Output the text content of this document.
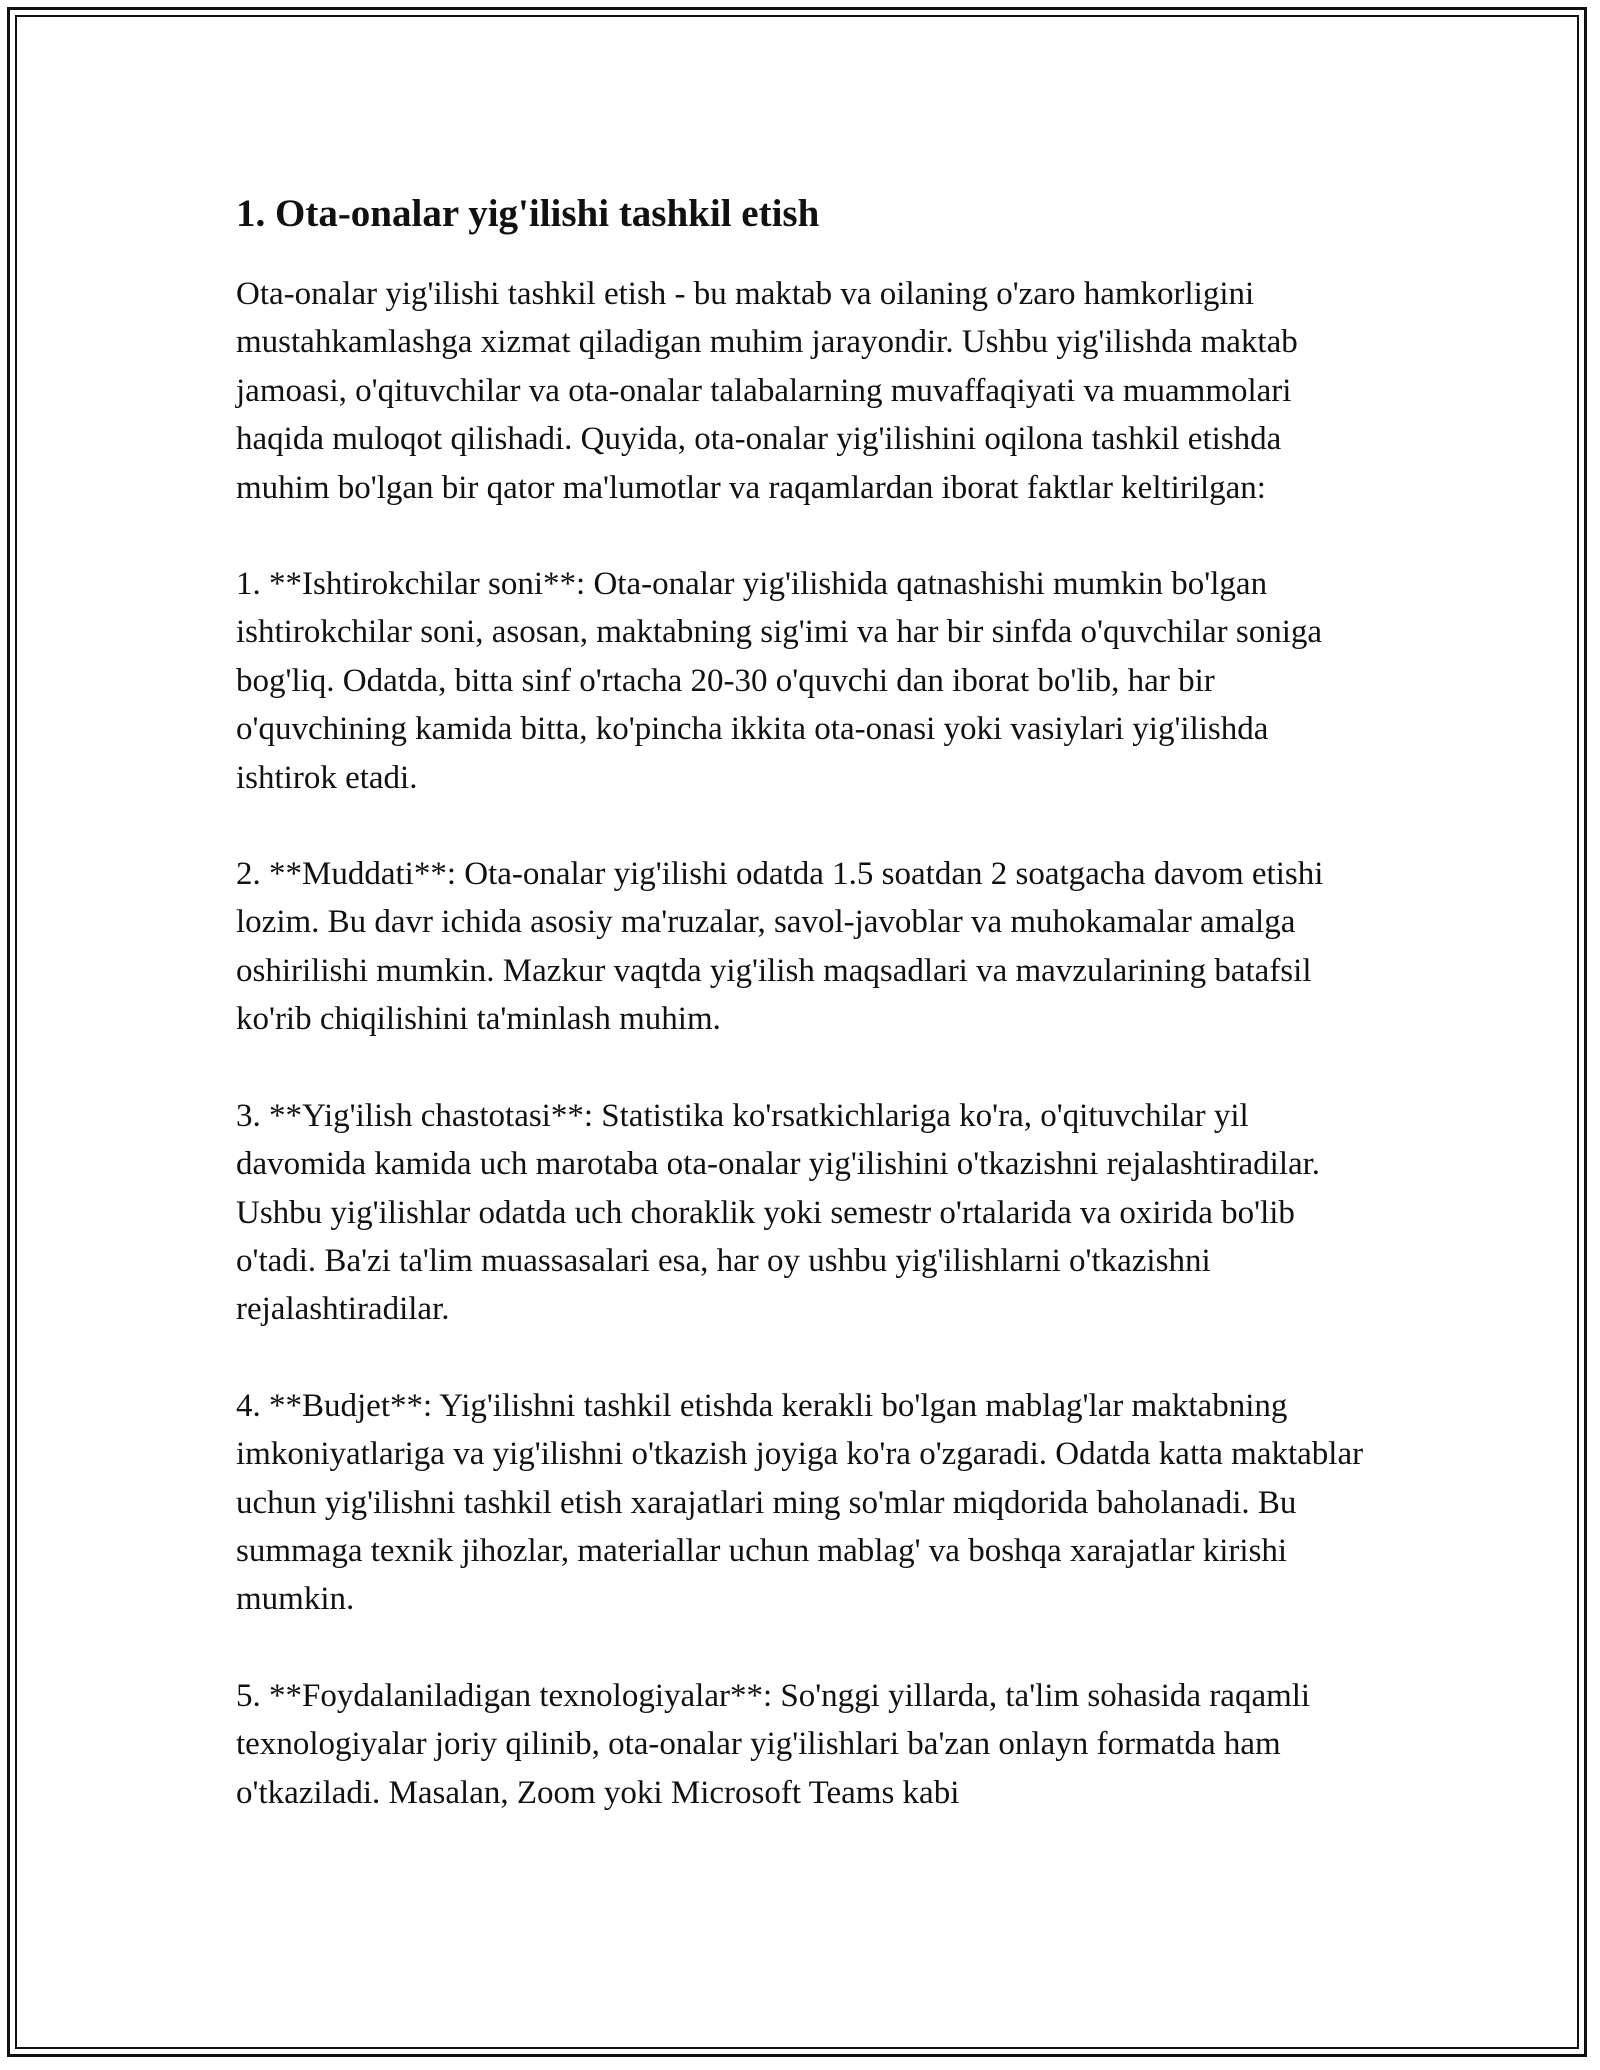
1. Ota-onalar yig'ilishi tashkil etish

Ota-onalar yig'ilishi tashkil etish - bu maktab va oilaning o'zaro hamkorligini mustahkamlashga xizmat qiladigan muhim jarayondir. Ushbu yig'ilishda maktab jamoasi, o'qituvchilar va ota-onalar talabalarning muvaffaqiyati va muammolari haqida muloqot qilishadi. Quyida, ota-onalar yig'ilishini oqilona tashkil etishda muhim bo'lgan bir qator ma'lumotlar va raqamlardan iborat faktlar keltirilgan:

1. **Ishtirokchilar soni**: Ota-onalar yig'ilishida qatnashishi mumkin bo'lgan ishtirokchilar soni, asosan, maktabning sig'imi va har bir sinfda o'quvchilar soniga bog'liq. Odatda, bitta sinf o'rtacha 20-30 o'quvchi dan iborat bo'lib, har bir o'quvchining kamida bitta, ko'pincha ikkita ota-onasi yoki vasiylari yig'ilishda ishtirok etadi.

2. **Muddati**: Ota-onalar yig'ilishi odatda 1.5 soatdan 2 soatgacha davom etishi lozim. Bu davr ichida asosiy ma'ruzalar, savol-javoblar va muhokamalar amalga oshirilishi mumkin. Mazkur vaqtda yig'ilish maqsadlari va mavzularining batafsil ko'rib chiqilishini ta'minlash muhim.

3. **Yig'ilish chastotasi**: Statistika ko'rsatkichlariga ko'ra, o'qituvchilar yil davomida kamida uch marotaba ota-onalar yig'ilishini o'tkazishni rejalashtiradilar. Ushbu yig'ilishlar odatda uch choraklik yoki semestr o'rtalarida va oxirida bo'lib o'tadi. Ba'zi ta'lim muassasalari esa, har oy ushbu yig'ilishlarni o'tkazishni rejalashtiradilar.

4. **Budjet**: Yig'ilishni tashkil etishda kerakli bo'lgan mablag'lar maktabning imkoniyatlariga va yig'ilishni o'tkazish joyiga ko'ra o'zgaradi. Odatda katta maktablar uchun yig'ilishni tashkil etish xarajatlari ming so'mlar miqdorida baholanadi. Bu summaga texnik jihozlar, materiallar uchun mablag' va boshqa xarajatlar kirishi mumkin.

5. **Foydalaniladigan texnologiyalar**: So'nggi yillarda, ta'lim sohasida raqamli texnologiyalar joriy qilinib, ota-onalar yig'ilishlari ba'zan onlayn formatda ham o'tkaziladi. Masalan, Zoom yoki Microsoft Teams kabi
